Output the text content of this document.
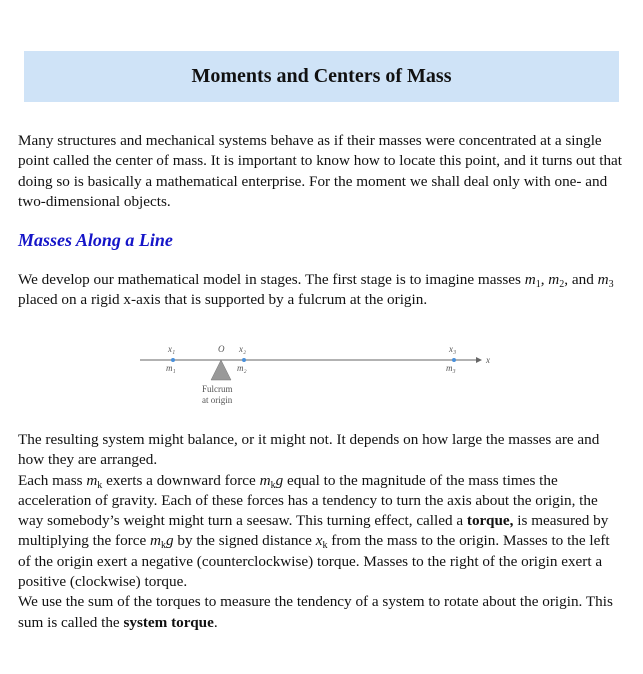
Moments and Centers of Mass

Many structures and mechanical systems behave as if their masses were concentrated at a single point called the center of mass. It is important to know how to locate this point, and it turns out that doing so is basically a mathematical enterprise. For the moment we shall deal only with one- and two-dimensional objects.

Masses Along a Line

We develop our mathematical model in stages. The first stage is to imagine masses $m_1$, $m_2$, and $m_3$ placed on a rigid x-axis that is supported by a fulcrum at the origin.

x
x₁
m₁
O
Fulcrum
at origin
x₂
m₂
x₃
m₃

The resulting system might balance, or it might not. It depends on how large the masses are and how they are arranged.
Each mass $m_k$ exerts a downward force $m_kg$ equal to the magnitude of the mass times the acceleration of gravity. Each of these forces has a tendency to turn the axis about the origin, the way somebody’s weight might turn a seesaw. This turning effect, called a torque, is measured by multiplying the force $m_kg$ by the signed distance $x_k$ from the mass to the origin. Masses to the left of the origin exert a negative (counterclockwise) torque. Masses to the right of the origin exert a positive (clockwise) torque.
We use the sum of the torques to measure the tendency of a system to rotate about the origin. This sum is called the system torque.
